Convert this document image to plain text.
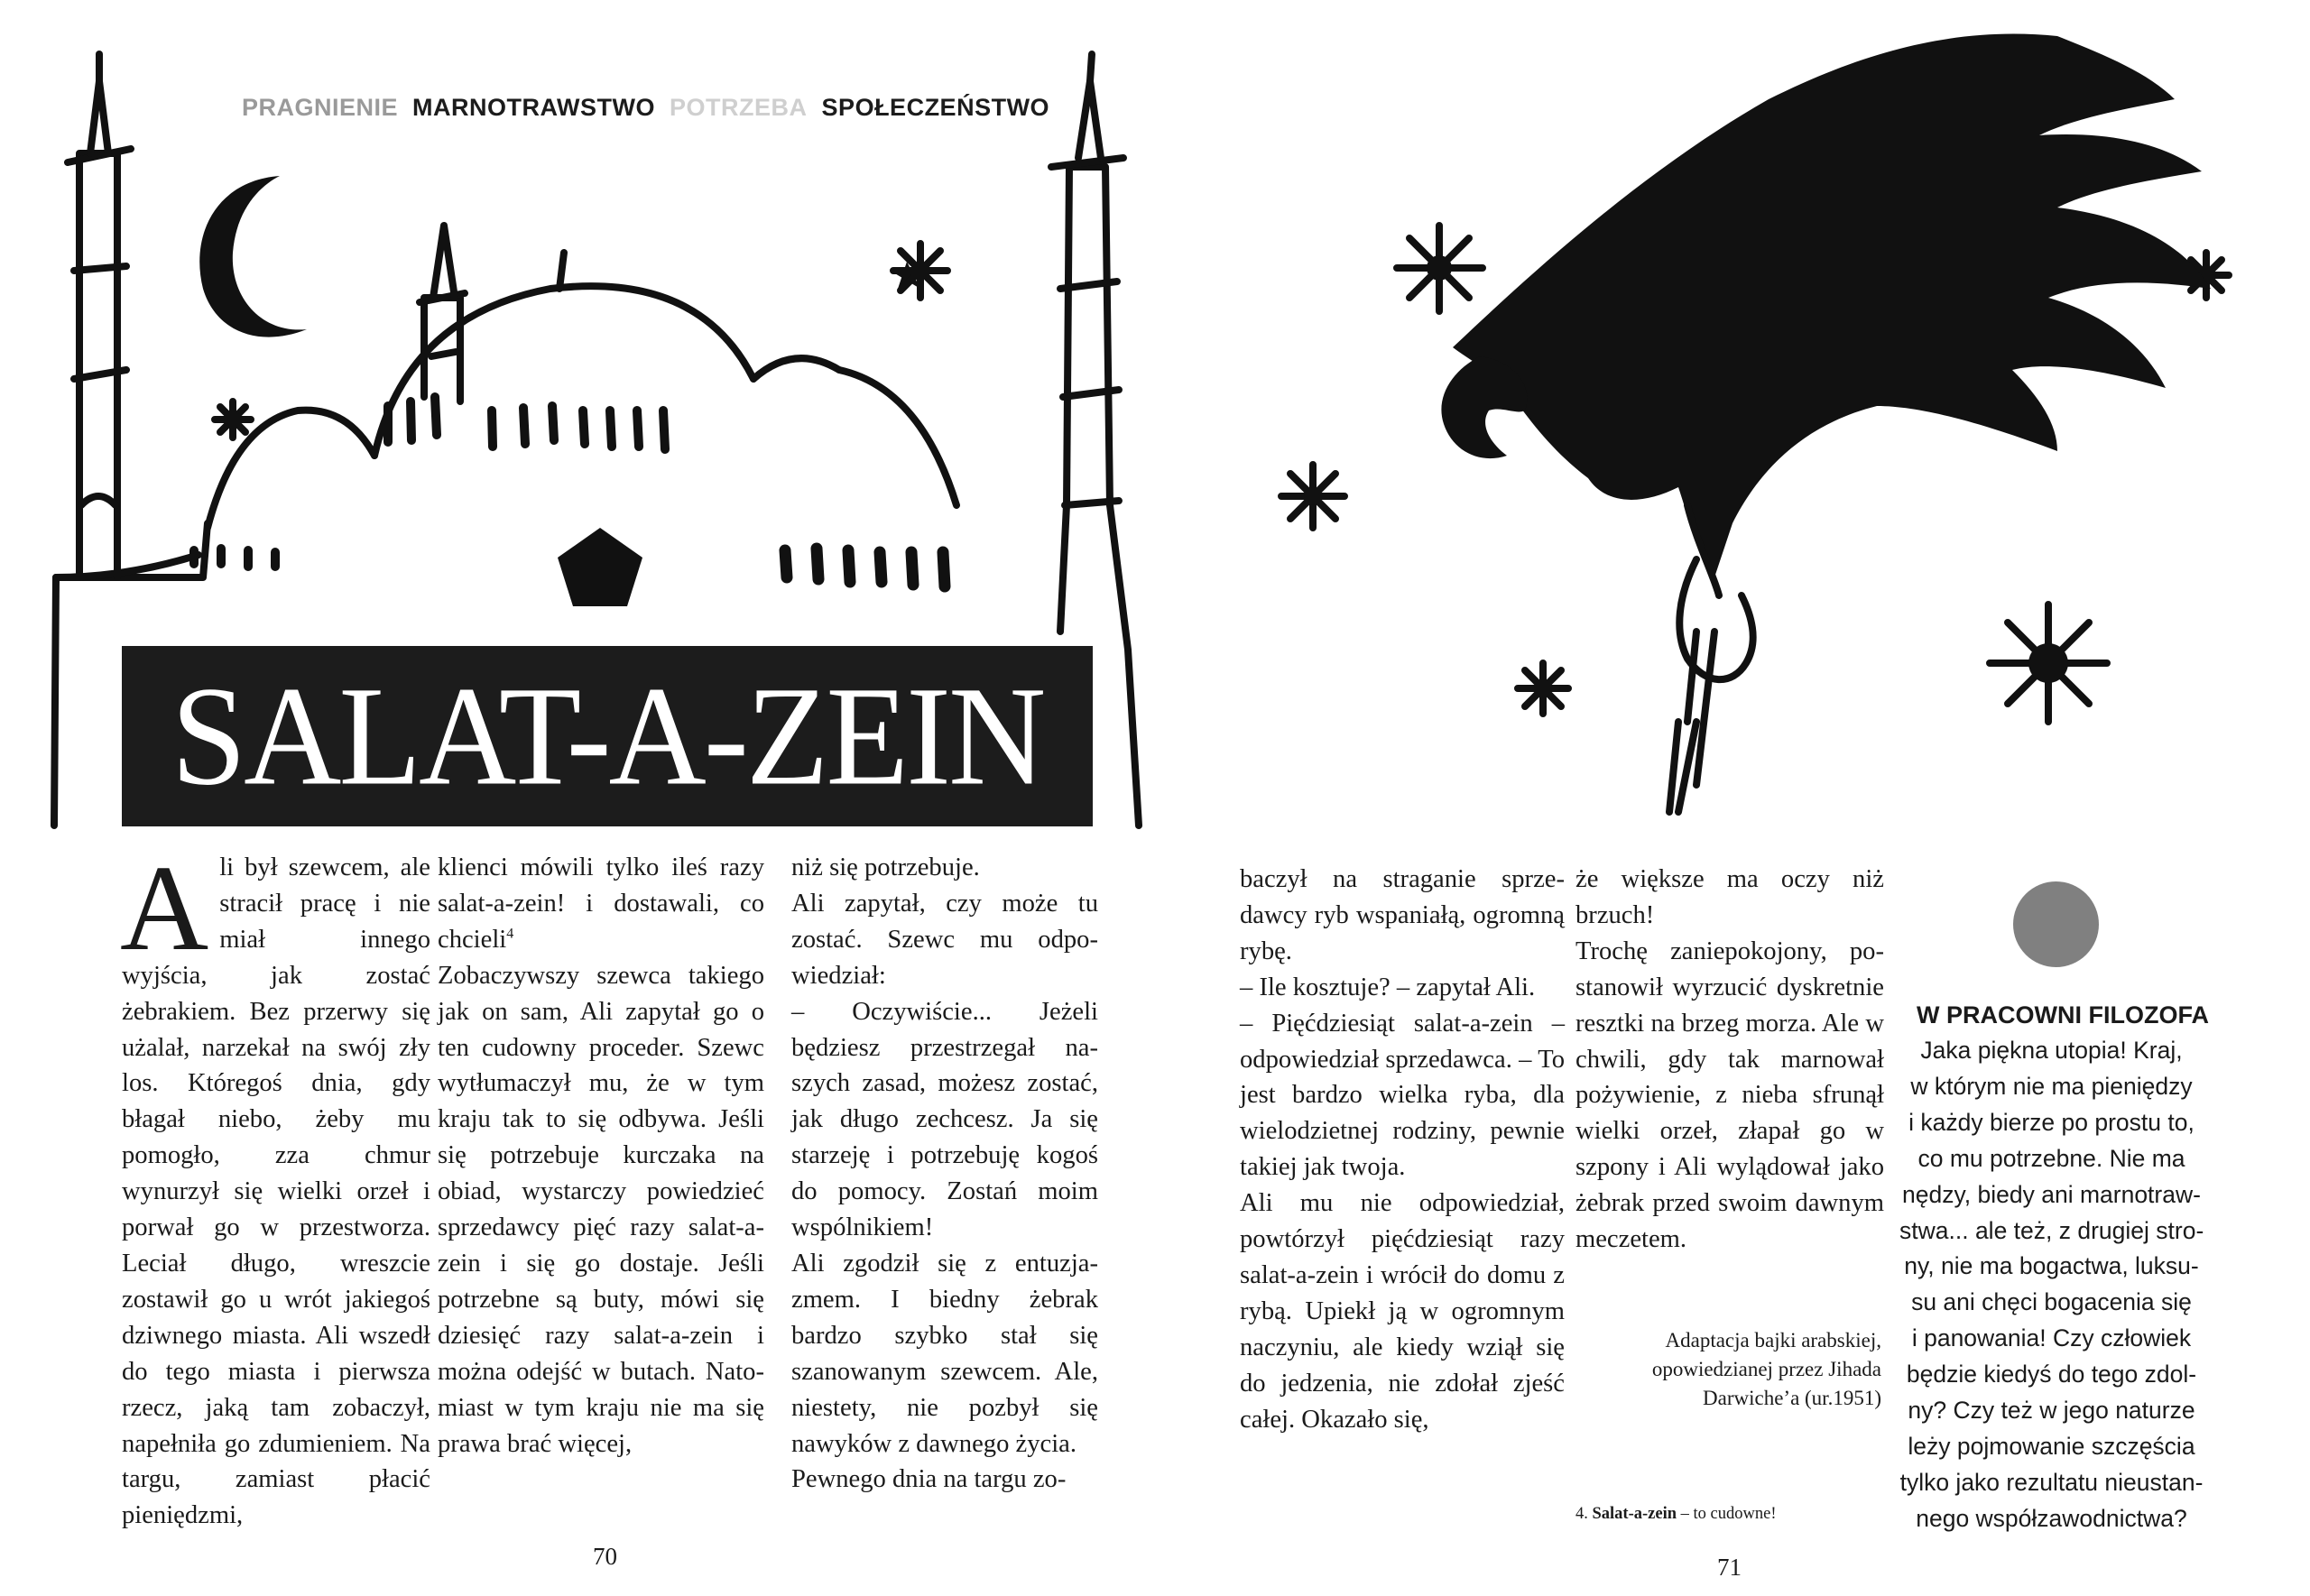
PRAGNIENIE MARNOTRAWSTWO POTRZEBA SPOŁECZEŃSTWO
SALAT-A-ZEIN

Ali był szewcem, ale stracił pracę i nie miał innego wyjścia, jak zostać żebrakiem. Bez przerwy się użalał, narzekał na swój zły los. Któregoś dnia, gdy błagał niebo, żeby mu pomogło, zza chmur wynurzył się wielki orzeł i porwał go w przestworza. Leciał długo, wreszcie zostawił go u wrót jakiegoś dziwnego miasta. Ali wszedł do tego miasta i pierwsza rzecz, jaką tam zobaczył, napełniła go zdumieniem. Na targu, zamiast płacić pieniędzmi,

klienci mówili tylko ileś razy salat-a-zein! i dostawali, co chcieli$^4$

Zobaczywszy szewca takiego jak on sam, Ali zapytał go o ten cudowny proceder. Szewc wytłumaczył mu, że w tym kraju tak to się odbywa. Jeśli się potrzebuje kurczaka na obiad, wystarczy powiedzieć sprzedawcy pięć razy salat-a-zein i się go dostaje. Jeśli potrzebne są buty, mówi się dziesięć razy salat-a-zein i można odejść w butach. Natomiast w tym kraju nie ma się prawa brać więcej,

niż się potrzebuje.

Ali zapytał, czy może tu zostać. Szewc mu odpowiedział:

– Oczywiście... Jeżeli będziesz przestrzegał naszych zasad, możesz zostać, jak długo zechcesz. Ja się starzeję i potrzebuję kogoś do pomocy. Zostań moim wspólnikiem!

Ali zgodził się z entuzjazmem. I biedny żebrak bardzo szybko stał się szanowanym szewcem. Ale, niestety, nie pozbył się nawyków z dawnego życia.

Pewnego dnia na targu zo-

baczył na straganie sprzedawcy ryb wspaniałą, ogromną rybę.

– Ile kosztuje? – zapytał Ali.

– Pięćdziesiąt salat-a-zein – odpowiedział sprzedawca. – To jest bardzo wielka ryba, dla wielodzietnej rodziny, pewnie takiej jak twoja.

Ali mu nie odpowiedział, powtórzył pięćdziesiąt razy salat-a-zein i wrócił do domu z rybą. Upiekł ją w ogromnym naczyniu, ale kiedy wziął się do jedzenia, nie zdołał zjeść całej. Okazało się,

że większe ma oczy niż brzuch!

Trochę zaniepokojony, postanowił wyrzucić dyskretnie resztki na brzeg morza. Ale w chwili, gdy tak marnował pożywienie, z nieba sfrunął wielki orzeł, złapał go w szpony i Ali wylądował jako żebrak przed swoim dawnym meczetem.

Adaptacja bajki arabskiej,
opowiedzianej przez Jihada
Darwiche’a (ur.1951)
4. Salat-a-zein – to cudowne!
70	71
W PRACOWNI FILOZOFA
Jaka piękna utopia! Kraj,
w którym nie ma pieniędzy
i każdy bierze po prostu to,
co mu potrzebne. Nie ma
nędzy, biedy ani marnotraw-
stwa... ale też, z drugiej stro-
ny, nie ma bogactwa, luksu-
su ani chęci bogacenia się
i panowania! Czy człowiek
będzie kiedyś do tego zdol-
ny? Czy też w jego naturze
leży pojmowanie szczęścia
tylko jako rezultatu nieustan-
nego współzawodnictwa?
